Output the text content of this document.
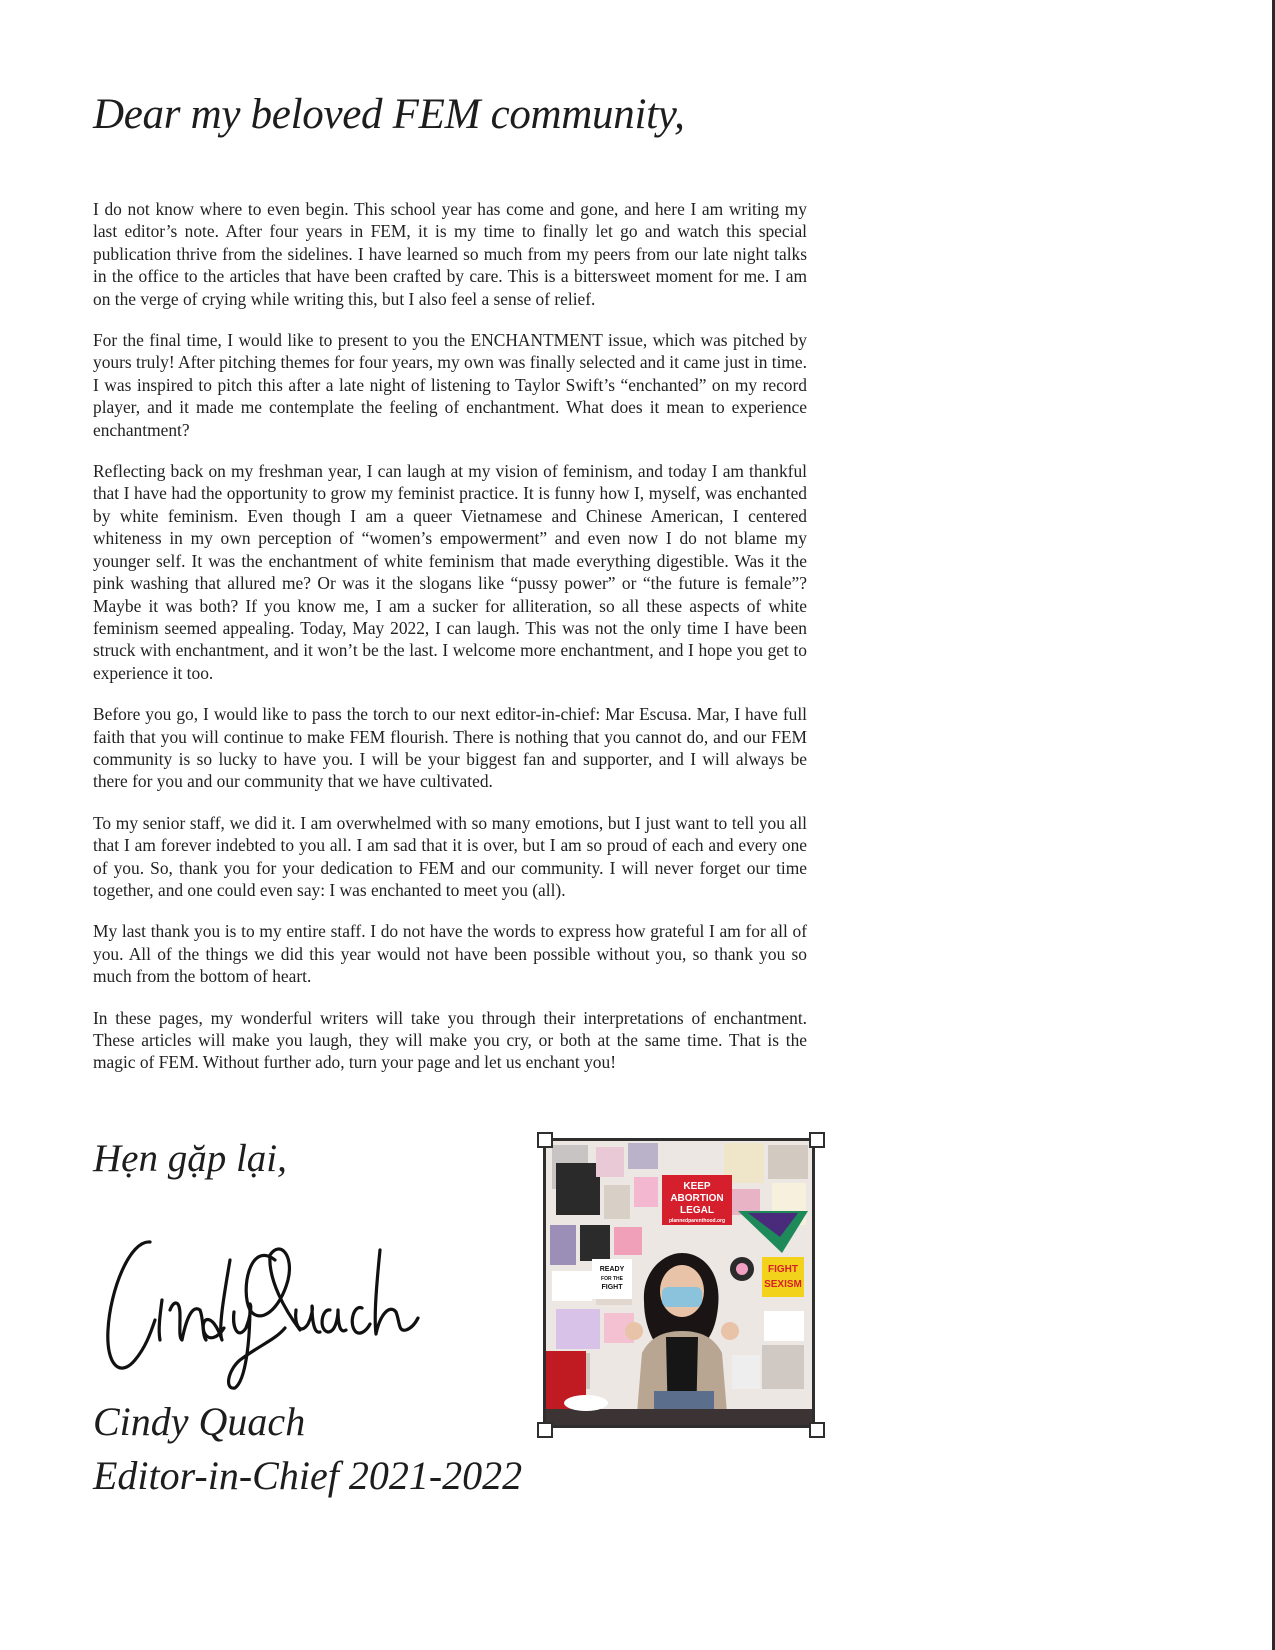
Dear my beloved FEM community,

I do not know where to even begin. This school year has come and gone, and here I am writing my last editor’s note. After four years in FEM, it is my time to finally let go and watch this special publication thrive from the sidelines. I have learned so much from my peers from our late night talks in the office to the articles that have been crafted by care. This is a bittersweet moment for me. I am on the verge of crying while writing this, but I also feel a sense of relief.

For the final time, I would like to present to you the ENCHANTMENT issue, which was pitched by yours truly! After pitching themes for four years, my own was finally selected and it came just in time. I was inspired to pitch this after a late night of listening to Taylor Swift’s “enchanted” on my record player, and it made me contemplate the feeling of enchantment. What does it mean to experience enchantment?

Reflecting back on my freshman year, I can laugh at my vision of feminism, and today I am thankful that I have had the opportunity to grow my feminist practice. It is funny how I, myself, was enchanted by white feminism. Even though I am a queer Vietnamese and Chinese American, I centered whiteness in my own perception of “women’s empowerment” and even now I do not blame my younger self. It was the enchantment of white feminism that made everything digestible. Was it the pink washing that allured me? Or was it the slogans like “pussy power” or “the future is female”? Maybe it was both? If you know me, I am a sucker for alliteration, so all these aspects of white feminism seemed appealing. Today, May 2022, I can laugh. This was not the only time I have been struck with enchantment, and it won’t be the last. I welcome more enchantment, and I hope you get to experience it too.

Before you go, I would like to pass the torch to our next editor-in-chief: Mar Escusa. Mar, I have full faith that you will continue to make FEM flourish. There is nothing that you cannot do, and our FEM community is so lucky to have you. I will be your biggest fan and supporter, and I will always be there for you and our community that we have cultivated.

To my senior staff, we did it. I am overwhelmed with so many emotions, but I just want to tell you all that I am forever indebted to you all. I am sad that it is over, but I am so proud of each and every one of you. So, thank you for your dedication to FEM and our community. I will never forget our time together, and one could even say: I was enchanted to meet you (all).

My last thank you is to my entire staff. I do not have the words to express how grateful I am for all of you. All of the things we did this year would not have been possible without you, so thank you so much from the bottom of heart.

In these pages, my wonderful writers will take you through their interpretations of enchantment. These articles will make you laugh, they will make you cry, or both at the same time. That is the magic of FEM. Without further ado, turn your page and let us enchant you!

Hẹn gặp lại,

Cindy Quach

Editor-in-Chief 2021-2022

KEEP
ABORTION
LEGAL
plannedparenthood.org
FIGHT
SEXISM
READY
FOR THE
FIGHT
